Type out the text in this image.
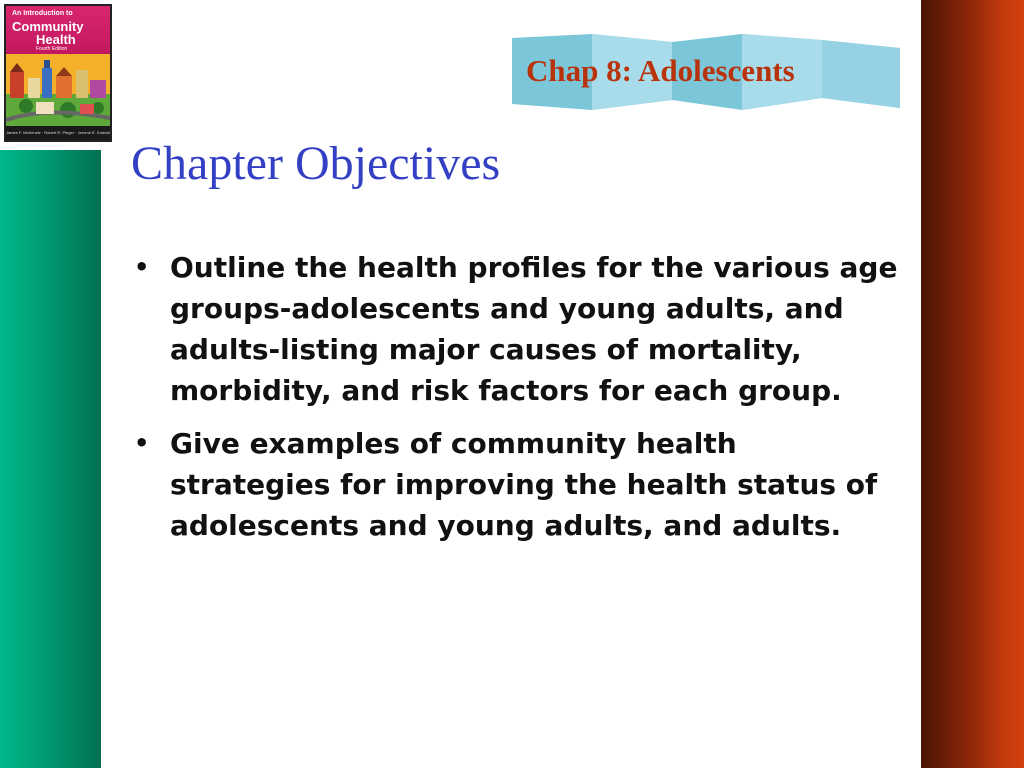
An Introduction to
Community
Health
Fourth Edition
James F. McKenzie · Robert R. Pinger · Jerome E. Kotecki
Chap 8: Adolescents
Chapter Objectives
• Outline the health profiles for the various age groups-adolescents and young adults, and adults-listing major causes of mortality, morbidity, and risk factors for each group.
• Give examples of community health strategies for improving the health status of adolescents and young adults, and adults.
